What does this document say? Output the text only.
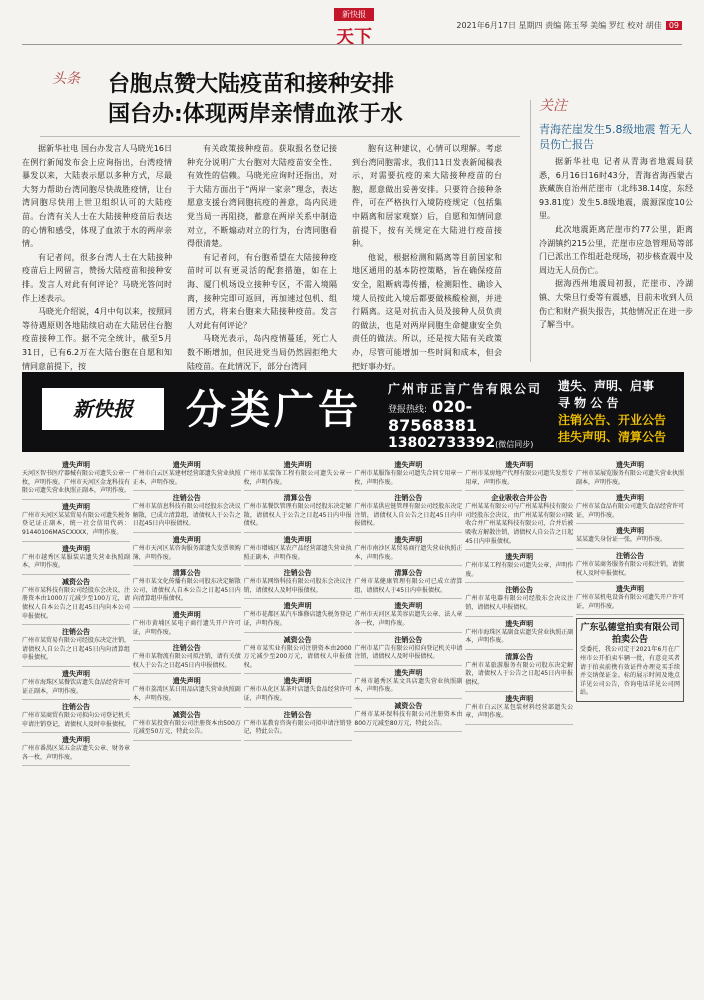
新快报
天下
2021年6月17日 星期四 责编 陈玉琴 美编 罗红 校对 胡佳 09
头条	台胞点赞大陆疫苗和接种安排
国台办:体现两岸亲情血浓于水

据新华社电 国台办发言人马晓光16日在例行新闻发布会上应询指出，台湾疫情暴发以来，大陆表示愿以多种方式，尽最大努力帮助台湾同胞尽快战胜疫情，让台湾同胞尽快用上世卫组织认可的大陆疫苗。台湾有关人士在大陆接种疫苗后表达的心情和感受，体现了血浓于水的两岸亲情。

有记者问，很多台湾人士在大陆接种疫苗后上网留言，赞扬大陆疫苗和接种安排。发言人对此有何评论？马晓光答问时作上述表示。

马晓光介绍说，4月中旬以来，按照同等待遇原则各地陆续启动在大陆居住台胞疫苗接种工作。据不完全统计，截至5月31日，已有6.2万在大陆台胞在自愿和知情同意前提下，按

有关政策接种疫苗。获取报名登记接种充分说明广大台胞对大陆疫苗安全性、有效性的信赖。马晓光应询时还指出，对于大陆方面出于“两岸一家亲”理念，表达愿意支援台湾同胞抗疫的善意，岛内民进党当局一再阻挠，蓄意在两岸关系中制造对立，不断煽动对立的行为，台湾同胞看得很清楚。

有记者问，有台胞希望在大陆接种疫苗时可以有更灵活的配套措施，如在上海、厦门机场设立接种专区，不需入境隔离，接种完即可返回，再加速过包机、组团方式，将来台胞来大陆接种疫苗。发言人对此有何评论？

马晓光表示，岛内疫情蔓延，死亡人数不断增加，但民进党当局仍然固拒绝大陆疫苗。在此情况下，部分台湾同

胞有这种建议，心情可以理解。考虑到台湾同胞需求，我们11日发表新闻稿表示，对需要抗疫的来大陆接种疫苗的台胞，愿意做出妥善安排。只要符合接种条件，可在严格执行入境防疫规定（包括集中隔离和居家观察）后，自愿和知情同意前提下，按有关规定在大陆进行疫苗接种。

他说，根据检测和隔离等目前国家和地区通用的基本防控策略，旨在确保疫苗安全，阻断病毒传播，检测阳性、确诊入境人员按此入境后都要做核酸检测，并进行隔离。这是对抗击入员及接种人员负责的做法，也是对两岸同胞生命健康安全负责任的做法。所以，还是按大陆有关政策办，尽管可能增加一些时间和成本，但会把好事办好。

关注
青海茫崖发生5.8级地震 暂无人员伤亡报告

据新华社电 记者从青海省地震局获悉，6月16日16时43分，青海省海西蒙古族藏族自治州茫崖市（北纬38.14度，东经93.81度）发生5.8级地震，震源深度10公里。

此次地震距离茫崖市约77公里，距离冷湖镇约215公里，茫崖市应急管理局等部门已派出工作组赶赴现场，初步核查震中及周边无人员伤亡。

据海西州地震局初报，茫崖市、冷湖镇、大柴旦行委等有震感，目前未收到人员伤亡和财产损失报告，其他情况正在进一步了解当中。

新快报	分类广告 广州市正言广告有限公司
登报热线: 020-87568381
13802733392(微信同步)
遗失、声明、启事
寻 物 公 告
注销公告、开业公告
挂失声明、清算公告
遗失声明
天河区智书医疗器械有限公司遗失公章一枚，声明作废。广州市天河区金龙科技有限公司遗失营业执照正副本，声明作废。
遗失声明
广州市天河区某某贸易有限公司遗失税务登记证正副本，统一社会信用代码：91440106MA5CXXXX，声明作废。
遗失声明
广州市越秀区某服装店遗失营业执照副本，声明作废。
减资公告
广州市某科技有限公司经股东会决议，注册资本由1000万元减少至100万元，请债权人自本公告之日起45日内向本公司申报债权。
注销公告
广州市某贸易有限公司经股东决定注销，请债权人自公告之日起45日内向清算组申报债权。
遗失声明
广州市海珠区某餐饮店遗失食品经营许可证正副本，声明作废。
注销公告
广州市某商贸有限公司拟向公司登记机关申请注销登记，请债权人及时申报债权。
遗失声明
广州市番禺区某五金店遗失公章、财务章各一枚，声明作废。
遗失声明
广州市白云区某建材经营部遗失营业执照正本，声明作废。
注销公告
广州市某信息科技有限公司经股东会决议解散，已成立清算组，请债权人于公告之日起45日内申报债权。
遗失声明
广州市天河区某咨询服务部遗失发票领购簿，声明作废。
清算公告
广州市某文化传播有限公司股东决定解散公司，请债权人自本公告之日起45日内向清算组申报债权。
遗失声明
广州市黄埔区某电子商行遗失开户许可证，声明作废。
注销公告
广州市某物流有限公司拟注销，请有关债权人于公告之日起45日内申报债权。
遗失声明
广州市荔湾区某日用品店遗失营业执照副本，声明作废。
减资公告
广州市某投资有限公司注册资本由500万元减至50万元，特此公告。
遗失声明
广州市某装饰工程有限公司遗失公章一枚，声明作废。
清算公告
广州市某餐饮管理有限公司经股东决定解散，请债权人于公告之日起45日内申报债权。
遗失声明
广州市增城区某农产品经营部遗失营业执照正副本，声明作废。
注销公告
广州市某网络科技有限公司股东会决议注销，请债权人及时申报债权。
遗失声明
广州市花都区某汽车维修店遗失税务登记证，声明作废。
减资公告
广州市某实业有限公司注册资本由2000万元减少至200万元，请债权人申报债权。
遗失声明
广州市从化区某茶叶店遗失食品经营许可证，声明作废。
注销公告
广州市某教育咨询有限公司拟申请注销登记，特此公告。
遗失声明
广州市某服饰有限公司遗失合同专用章一枚，声明作废。
注销公告
广州市某供应链管理有限公司经股东决定注销，请债权人自公告之日起45日内申报债权。
遗失声明
广州市南沙区某贸易商行遗失营业执照正本，声明作废。
清算公告
广州市某健康管理有限公司已成立清算组，请债权人于45日内申报债权。
遗失声明
广州市天河区某美容店遗失公章、法人章各一枚，声明作废。
注销公告
广州市某广告有限公司拟向登记机关申请注销，请债权人及时申报债权。
遗失声明
广州市越秀区某文具店遗失营业执照副本，声明作废。
减资公告
广州市某环保科技有限公司注册资本由800万元减至80万元，特此公告。
遗失声明
广州市某房地产代理有限公司遗失发票专用章，声明作废。
企业吸收合并公告
广州某某有限公司与广州某某科技有限公司经股东会决议，由广州某某有限公司吸收合并广州某某科技有限公司，合并后被吸收方解散注销，请债权人自公告之日起45日内申报债权。
遗失声明
广州市某工程有限公司遗失公章，声明作废。
注销公告
广州市某电器有限公司经股东会决议注销，请债权人申报债权。
遗失声明
广州市海珠区某副食店遗失营业执照正副本，声明作废。
清算公告
广州市某旅游服务有限公司股东决定解散，请债权人于公告之日起45日内申报债权。
遗失声明
广州市白云区某包装材料经营部遗失公章，声明作废。
遗失声明
广州市某展览服务有限公司遗失营业执照副本，声明作废。
遗失声明
广州市某食品有限公司遗失食品经营许可证，声明作废。
遗失声明
某某遗失身份证一张，声明作废。
注销公告
广州市某商务服务有限公司拟注销，请债权人及时申报债权。
遗失声明
广州市某机电设备有限公司遗失开户许可证，声明作废。
广东弘德堂拍卖有限公司拍卖公告
受委托，我公司定于2021年6月在广州市公开拍卖车辆一批，有意竞买者请于拍卖前携有效证件办理竞买手续并交纳保证金。标的展示时间及地点详见公司公告，咨询电话详见公司网站。
